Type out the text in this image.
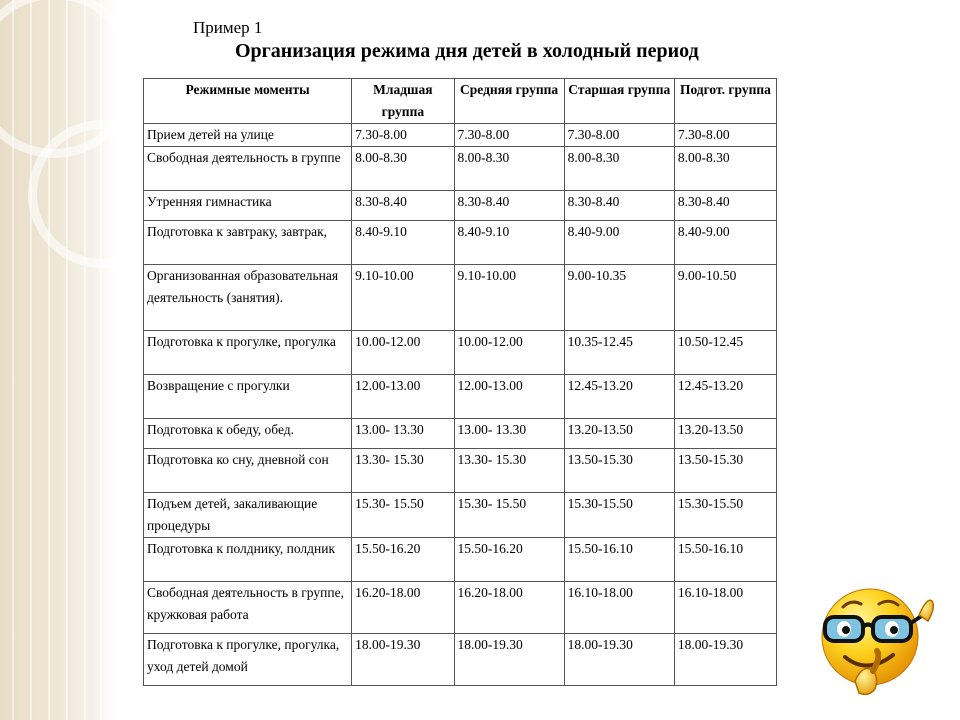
Пример 1
Организация режима дня детей в холодный период
Режимные моменты	Младшая группа	Средняя группа	Старшая группа	Подгот. группа
Прием детей на улице	7.30-8.00	7.30-8.00	7.30-8.00	7.30-8.00
Свободная деятельность в группе	8.00-8.30	8.00-8.30	8.00-8.30	8.00-8.30
Утренняя гимнастика	8.30-8.40	8.30-8.40	8.30-8.40	8.30-8.40
Подготовка к завтраку, завтрак,	8.40-9.10	8.40-9.10	8.40-9.00	8.40-9.00
Организованная образовательная деятельность (занятия).	9.10-10.00	9.10-10.00	9.00-10.35	9.00-10.50
Подготовка к прогулке, прогулка	10.00-12.00	10.00-12.00	10.35-12.45	10.50-12.45
Возвращение с прогулки	12.00-13.00	12.00-13.00	12.45-13.20	12.45-13.20
Подготовка к обеду, обед.	13.00- 13.30	13.00- 13.30	13.20-13.50	13.20-13.50
Подготовка ко сну, дневной сон	13.30- 15.30	13.30- 15.30	13.50-15.30	13.50-15.30
Подъем детей, закаливающие процедуры	15.30- 15.50	15.30- 15.50	15.30-15.50	15.30-15.50
Подготовка к полднику, полдник	15.50-16.20	15.50-16.20	15.50-16.10	15.50-16.10
Свободная деятельность в группе, кружковая работа	16.20-18.00	16.20-18.00	16.10-18.00	16.10-18.00
Подготовка к прогулке, прогулка, уход детей домой	18.00-19.30	18.00-19.30	18.00-19.30	18.00-19.30
